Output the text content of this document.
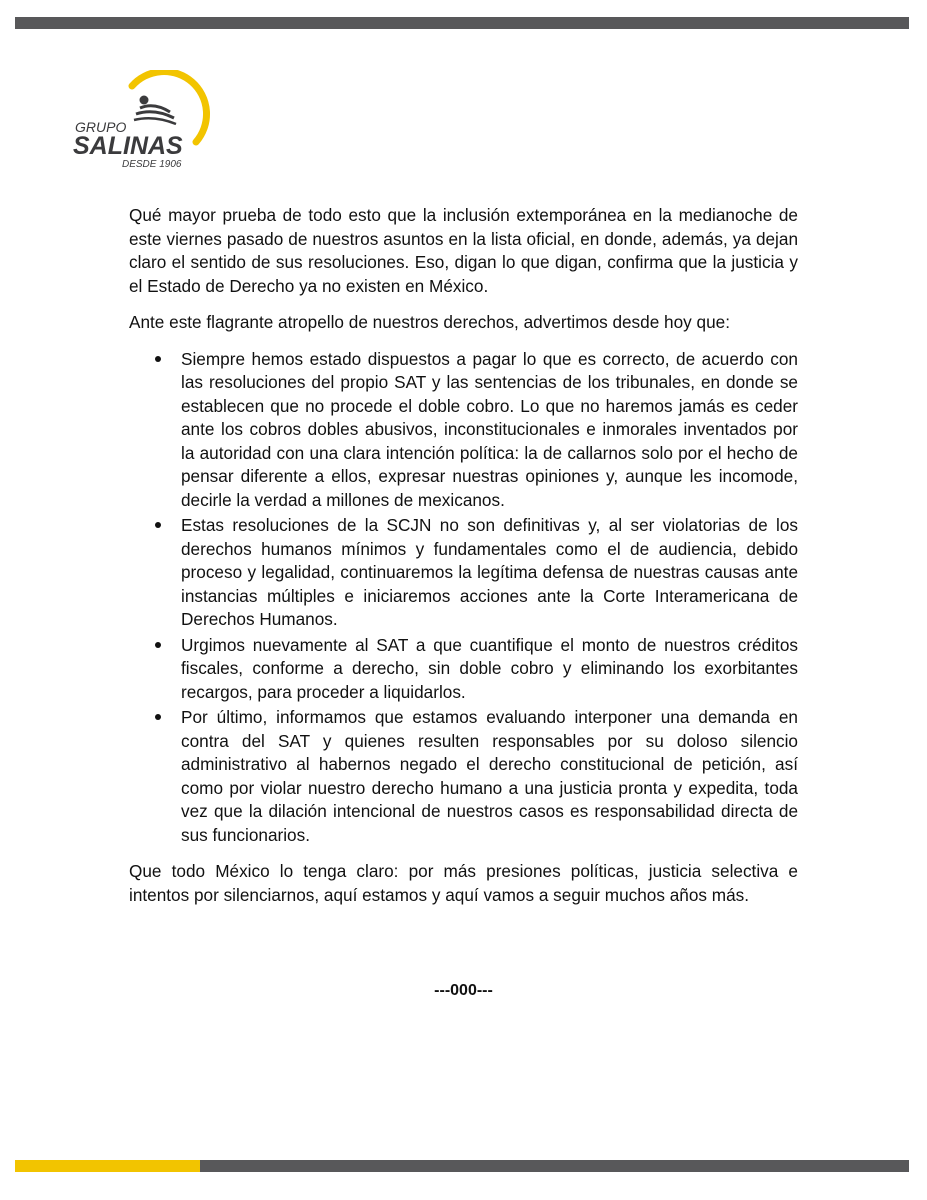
GRUPO
SALINAS
DESDE 1906

Qué mayor prueba de todo esto que la inclusión extemporánea en la medianoche de este viernes pasado de nuestros asuntos en la lista oficial, en donde, además, ya dejan claro el sentido de sus resoluciones. Eso, digan lo que digan, confirma que la justicia y el Estado de Derecho ya no existen en México.

Ante este flagrante atropello de nuestros derechos, advertimos desde hoy que:

Siempre hemos estado dispuestos a pagar lo que es correcto, de acuerdo con las resoluciones del propio SAT y las sentencias de los tribunales, en donde se establecen que no procede el doble cobro. Lo que no haremos jamás es ceder ante los cobros dobles abusivos, inconstitucionales e inmorales inventados por la autoridad con una clara intención política: la de callarnos solo por el hecho de pensar diferente a ellos, expresar nuestras opiniones y, aunque les incomode, decirle la verdad a millones de mexicanos.
Estas resoluciones de la SCJN no son definitivas y, al ser violatorias de los derechos humanos mínimos y fundamentales como el de audiencia, debido proceso y legalidad, continuaremos la legítima defensa de nuestras causas ante instancias múltiples e iniciaremos acciones ante la Corte Interamericana de Derechos Humanos.
Urgimos nuevamente al SAT a que cuantifique el monto de nuestros créditos fiscales, conforme a derecho, sin doble cobro y eliminando los exorbitantes recargos, para proceder a liquidarlos.
Por último, informamos que estamos evaluando interponer una demanda en contra del SAT y quienes resulten responsables por su doloso silencio administrativo al habernos negado el derecho constitucional de petición, así como por violar nuestro derecho humano a una justicia pronta y expedita, toda vez que la dilación intencional de nuestros casos es responsabilidad directa de sus funcionarios.

Que todo México lo tenga claro: por más presiones políticas, justicia selectiva e intentos por silenciarnos, aquí estamos y aquí vamos a seguir muchos años más.

---000---
